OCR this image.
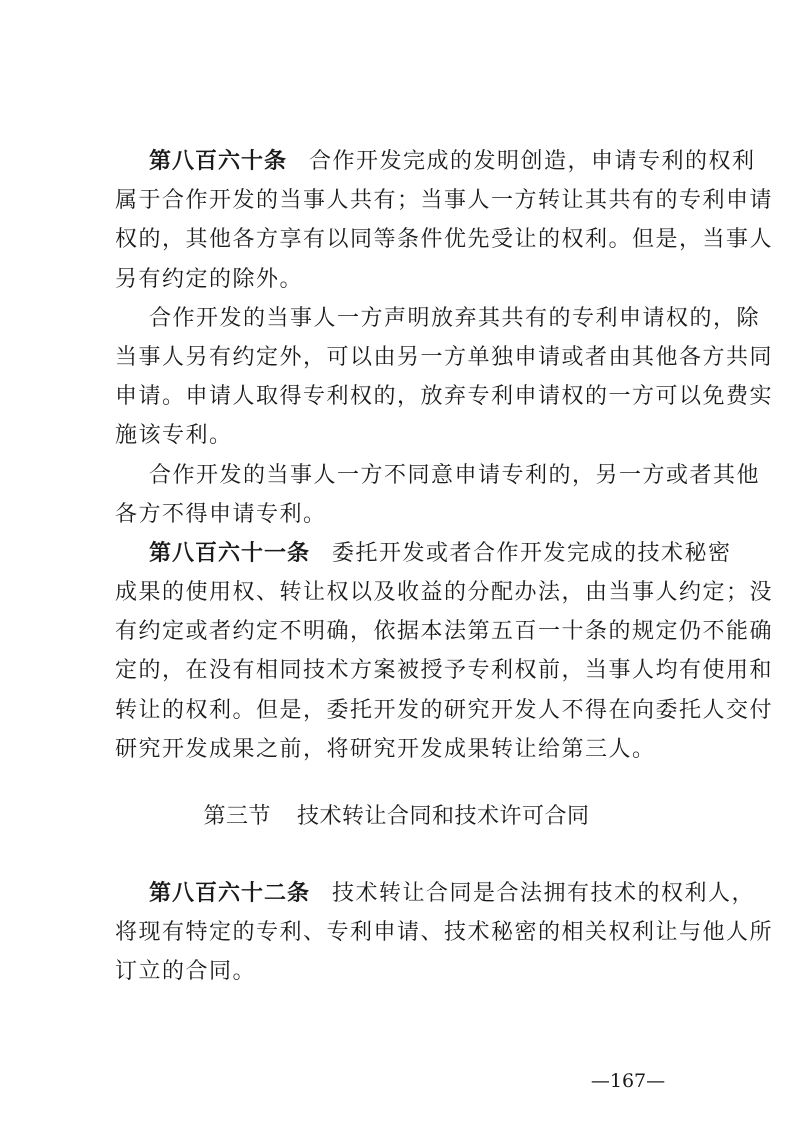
第八百六十条 合作开发完成的发明创造，申请专利的权利
属于合作开发的当事人共有；当事人一方转让其共有的专利申请
权的，其他各方享有以同等条件优先受让的权利。但是，当事人
另有约定的除外。
合作开发的当事人一方声明放弃其共有的专利申请权的，除
当事人另有约定外，可以由另一方单独申请或者由其他各方共同
申请。申请人取得专利权的，放弃专利申请权的一方可以免费实
施该专利。
合作开发的当事人一方不同意申请专利的，另一方或者其他
各方不得申请专利。
第八百六十一条 委托开发或者合作开发完成的技术秘密
成果的使用权、转让权以及收益的分配办法，由当事人约定；没
有约定或者约定不明确，依据本法第五百一十条的规定仍不能确
定的，在没有相同技术方案被授予专利权前，当事人均有使用和
转让的权利。但是，委托开发的研究开发人不得在向委托人交付
研究开发成果之前，将研究开发成果转让给第三人。
第三节 技术转让合同和技术许可合同
第八百六十二条 技术转让合同是合法拥有技术的权利人，
将现有特定的专利、专利申请、技术秘密的相关权利让与他人所
订立的合同。
—167—
